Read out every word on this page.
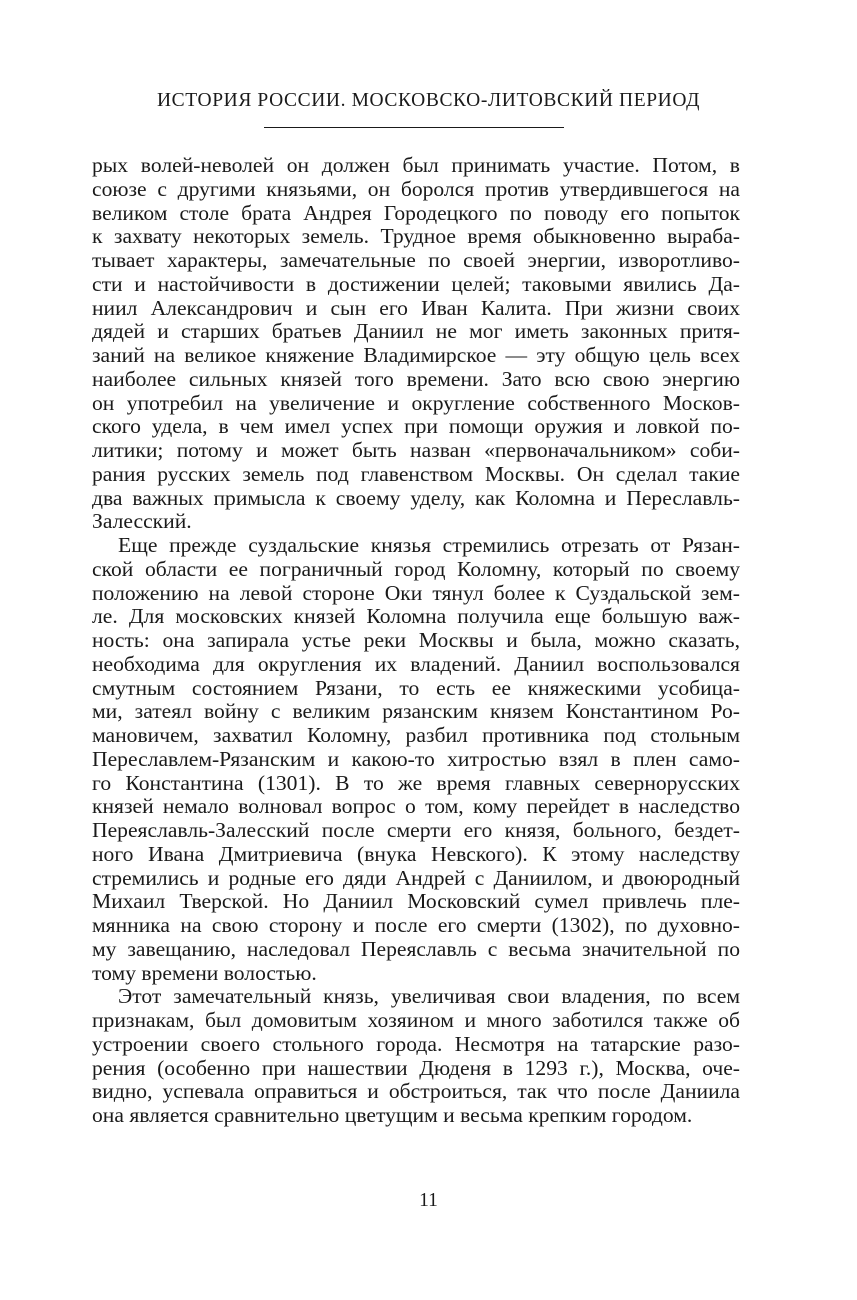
ИСТОРИЯ РОССИИ. МОСКОВСКО-ЛИТОВСКИЙ ПЕРИОД
рых волей-неволей он должен был принимать участие. Потом, в
союзе с другими князьями, он боролся против утвердившегося на
великом столе брата Андрея Городецкого по поводу его попыток
к захвату некоторых земель. Трудное время обыкновенно выраба-
тывает характеры, замечательные по своей энергии, изворотливо-
сти и настойчивости в достижении целей; таковыми явились Да-
ниил Александрович и сын его Иван Калита. При жизни своих
дядей и старших братьев Даниил не мог иметь законных притя-
заний на великое княжение Владимирское — эту общую цель всех
наиболее сильных князей того времени. Зато всю свою энергию
он употребил на увеличение и округление собственного Москов-
ского удела, в чем имел успех при помощи оружия и ловкой по-
литики; потому и может быть назван «первоначальником» соби-
рания русских земель под главенством Москвы. Он сделал такие
два важных примысла к своему уделу, как Коломна и Переславль-
Залесский.
Еще прежде суздальские князья стремились отрезать от Рязан-
ской области ее пограничный город Коломну, который по своему
положению на левой стороне Оки тянул более к Суздальской зем-
ле. Для московских князей Коломна получила еще большую важ-
ность: она запирала устье реки Москвы и была, можно сказать,
необходима для округления их владений. Даниил воспользовался
смутным состоянием Рязани, то есть ее княжескими усобица-
ми, затеял войну с великим рязанским князем Константином Ро-
мановичем, захватил Коломну, разбил противника под стольным
Переславлем-Рязанским и какою-то хитростью взял в плен само-
го Константина (1301). В то же время главных севернорусских
князей немало волновал вопрос о том, кому перейдет в наследство
Переяславль-Залесский после смерти его князя, больного, бездет-
ного Ивана Дмитриевича (внука Невского). К этому наследству
стремились и родные его дяди Андрей с Даниилом, и двоюродный
Михаил Тверской. Но Даниил Московский сумел привлечь пле-
мянника на свою сторону и после его смерти (1302), по духовно-
му завещанию, наследовал Переяславль с весьма значительной по
тому времени волостью.
Этот замечательный князь, увеличивая свои владения, по всем
признакам, был домовитым хозяином и много заботился также об
устроении своего стольного города. Несмотря на татарские разо-
рения (особенно при нашествии Дюденя в 1293 г.), Москва, оче-
видно, успевала оправиться и обстроиться, так что после Даниила
она является сравнительно цветущим и весьма крепким городом.
11
